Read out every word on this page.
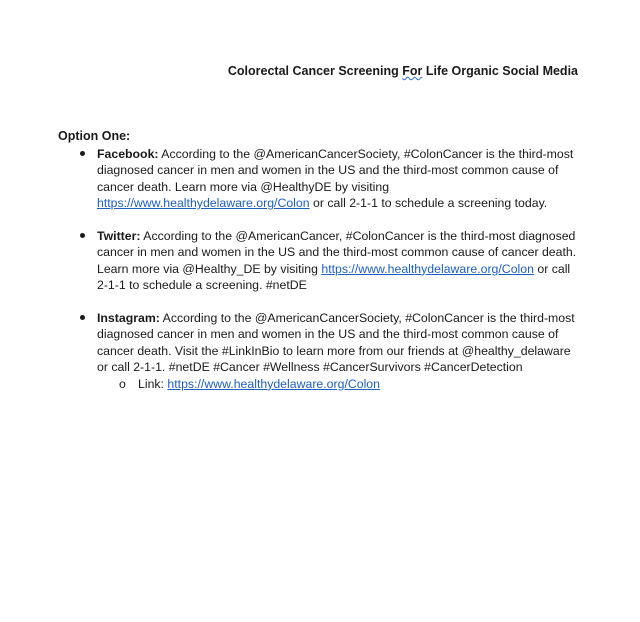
Colorectal Cancer Screening For Life Organic Social Media
Option One:
Facebook: According to the @AmericanCancerSociety, #ColonCancer is the third-most diagnosed cancer in men and women in the US and the third-most common cause of cancer death. Learn more via @HealthyDE by visiting https://www.healthydelaware.org/Colon or call 2-1-1 to schedule a screening today.
Twitter: According to the @AmericanCancer, #ColonCancer is the third-most diagnosed cancer in men and women in the US and the third-most common cause of cancer death. Learn more via @Healthy_DE by visiting https://www.healthydelaware.org/Colon or call 2-1-1 to schedule a screening. #netDE
Instagram: According to the @AmericanCancerSociety, #ColonCancer is the third-most diagnosed cancer in men and women in the US and the third-most common cause of cancer death. Visit the #LinkInBio to learn more from our friends at @healthy_delaware or call 2-1-1. #netDE #Cancer #Wellness #CancerSurvivors #CancerDetection
o Link: https://www.healthydelaware.org/Colon
